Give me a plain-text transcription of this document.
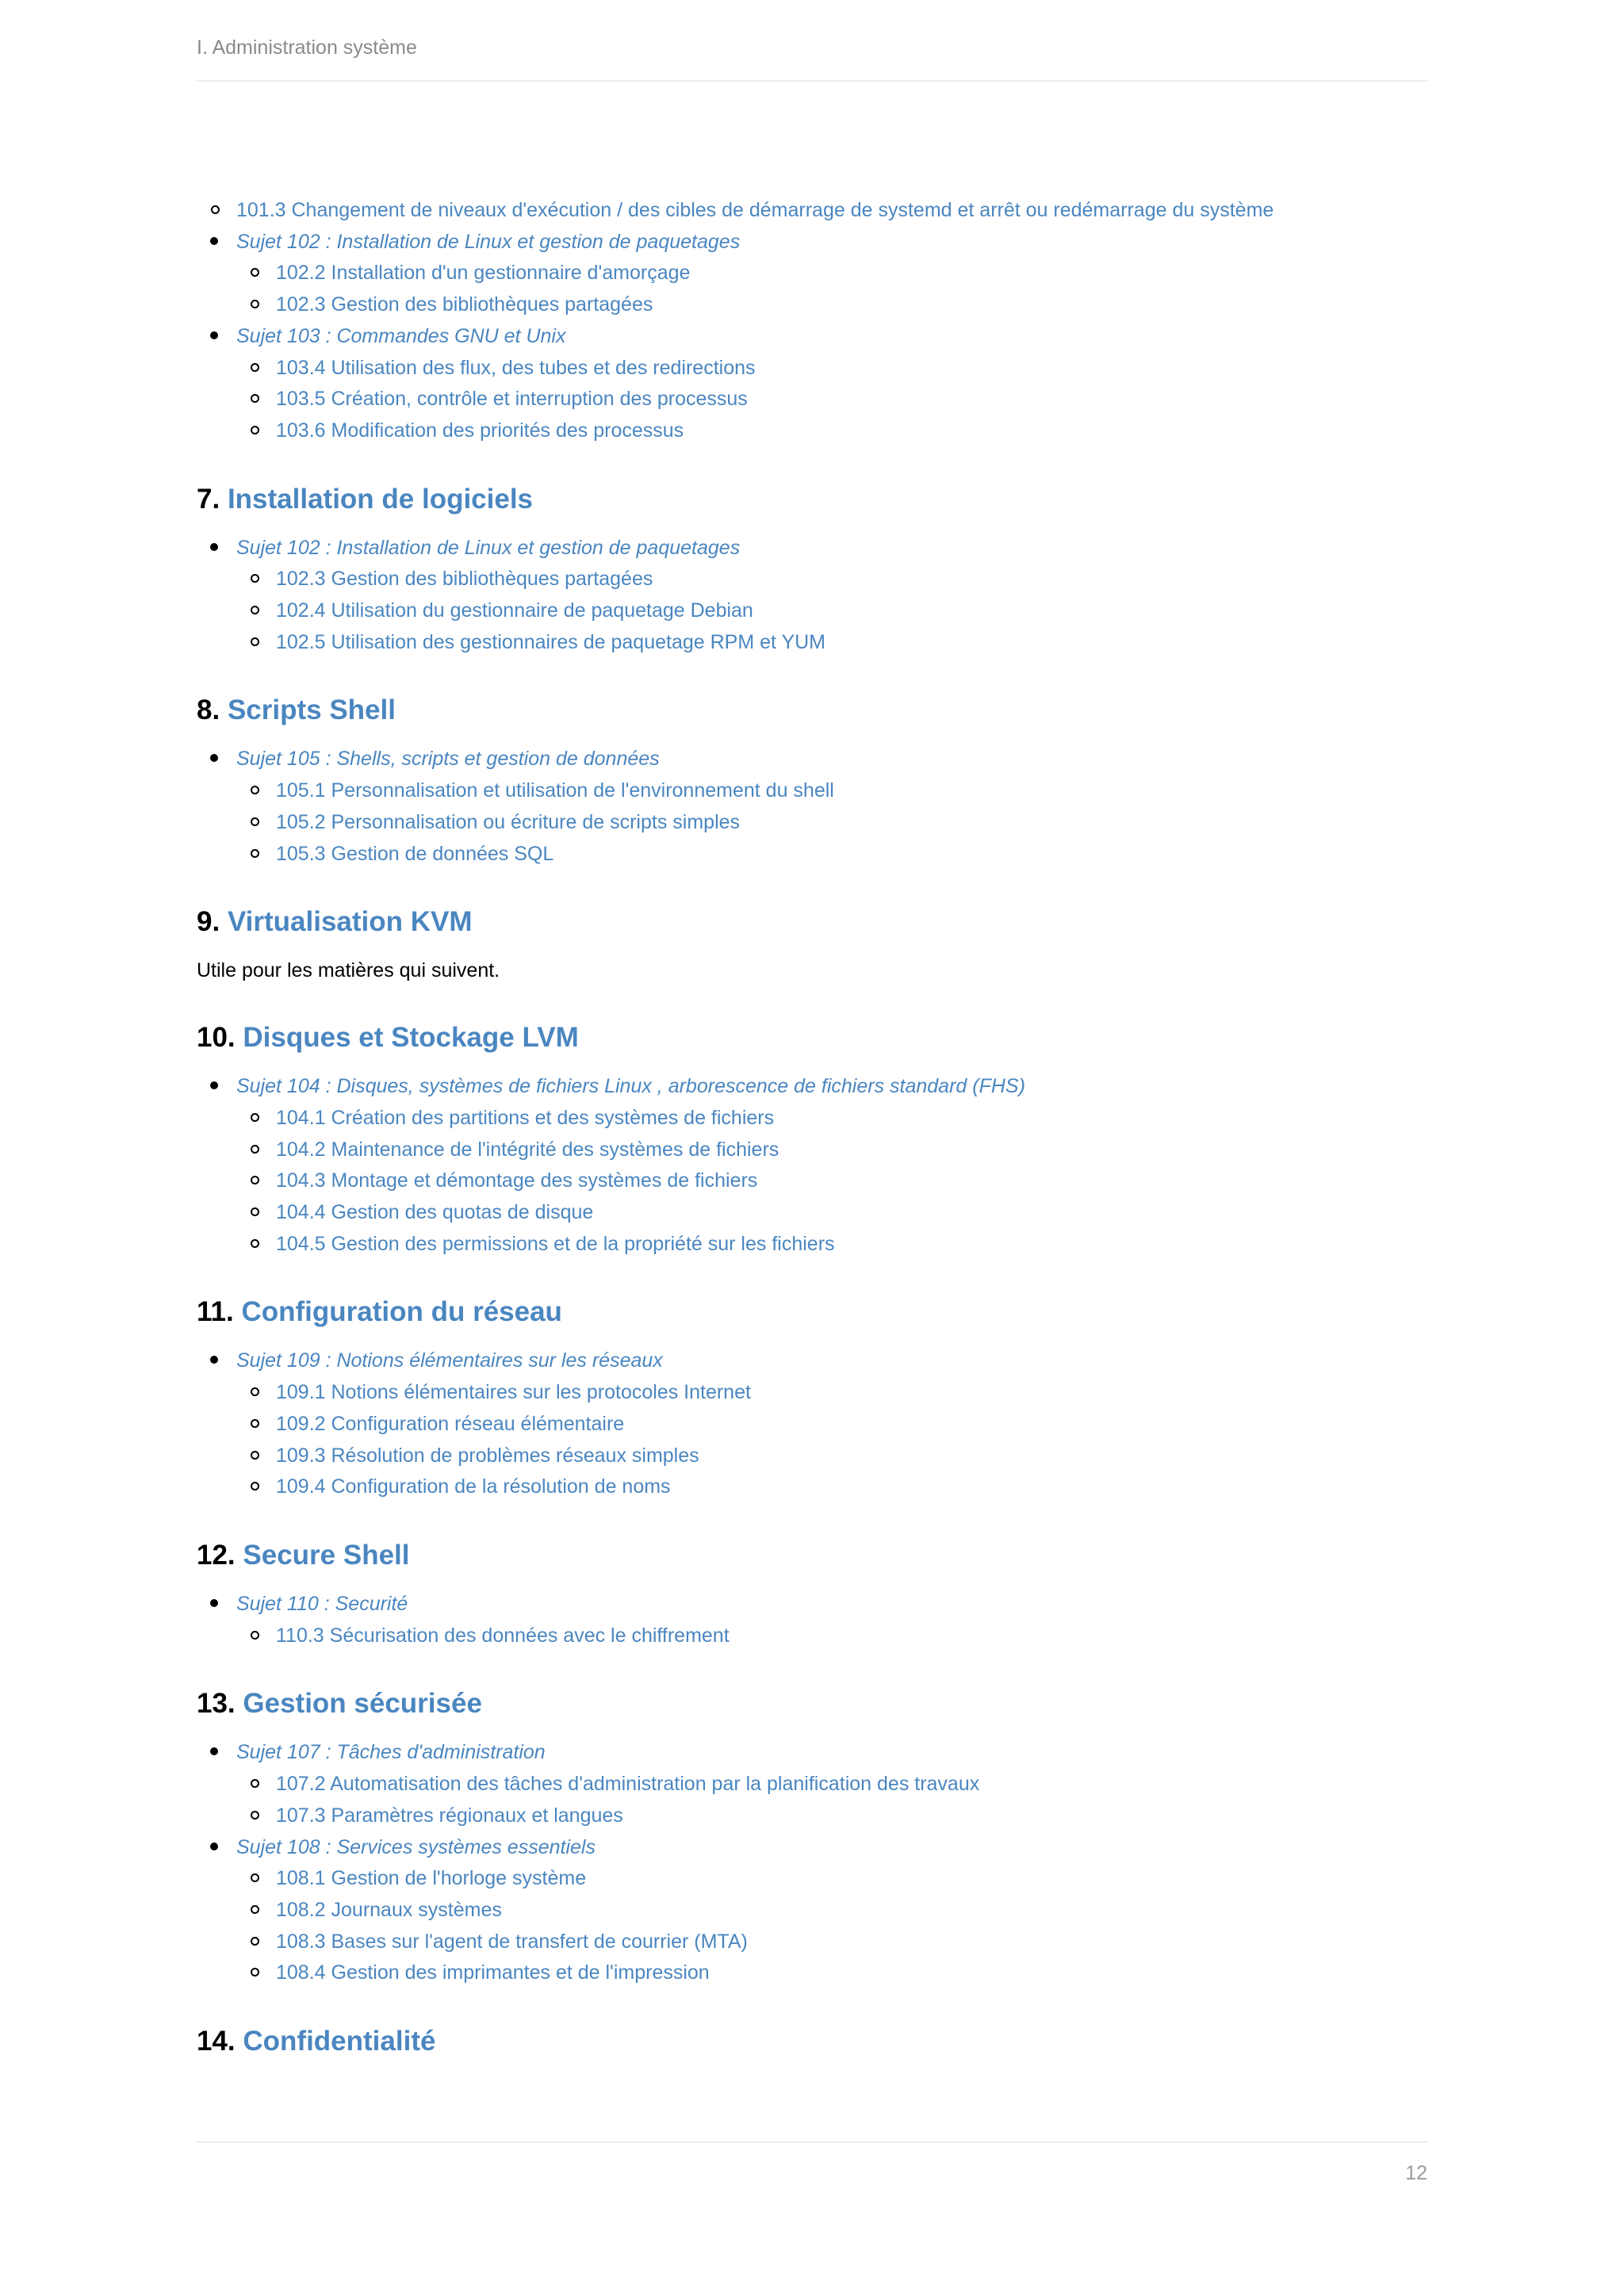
I. Administration système
101.3 Changement de niveaux d'exécution / des cibles de démarrage de systemd et arrêt ou redémarrage du système
Sujet 102 : Installation de Linux et gestion de paquetages
102.2 Installation d'un gestionnaire d'amorçage
102.3 Gestion des bibliothèques partagées
Sujet 103 : Commandes GNU et Unix
103.4 Utilisation des flux, des tubes et des redirections
103.5 Création, contrôle et interruption des processus
103.6 Modification des priorités des processus
7. Installation de logiciels
Sujet 102 : Installation de Linux et gestion de paquetages
102.3 Gestion des bibliothèques partagées
102.4 Utilisation du gestionnaire de paquetage Debian
102.5 Utilisation des gestionnaires de paquetage RPM et YUM
8. Scripts Shell
Sujet 105 : Shells, scripts et gestion de données
105.1 Personnalisation et utilisation de l'environnement du shell
105.2 Personnalisation ou écriture de scripts simples
105.3 Gestion de données SQL
9. Virtualisation KVM

Utile pour les matières qui suivent.

10. Disques et Stockage LVM
Sujet 104 : Disques, systèmes de fichiers Linux , arborescence de fichiers standard (FHS)
104.1 Création des partitions et des systèmes de fichiers
104.2 Maintenance de l'intégrité des systèmes de fichiers
104.3 Montage et démontage des systèmes de fichiers
104.4 Gestion des quotas de disque
104.5 Gestion des permissions et de la propriété sur les fichiers
11. Configuration du réseau
Sujet 109 : Notions élémentaires sur les réseaux
109.1 Notions élémentaires sur les protocoles Internet
109.2 Configuration réseau élémentaire
109.3 Résolution de problèmes réseaux simples
109.4 Configuration de la résolution de noms
12. Secure Shell
Sujet 110 : Securité
110.3 Sécurisation des données avec le chiffrement
13. Gestion sécurisée
Sujet 107 : Tâches d'administration
107.2 Automatisation des tâches d'administration par la planification des travaux
107.3 Paramètres régionaux et langues
Sujet 108 : Services systèmes essentiels
108.1 Gestion de l'horloge système
108.2 Journaux systèmes
108.3 Bases sur l'agent de transfert de courrier (MTA)
108.4 Gestion des imprimantes et de l'impression
14. Confidentialité
12
